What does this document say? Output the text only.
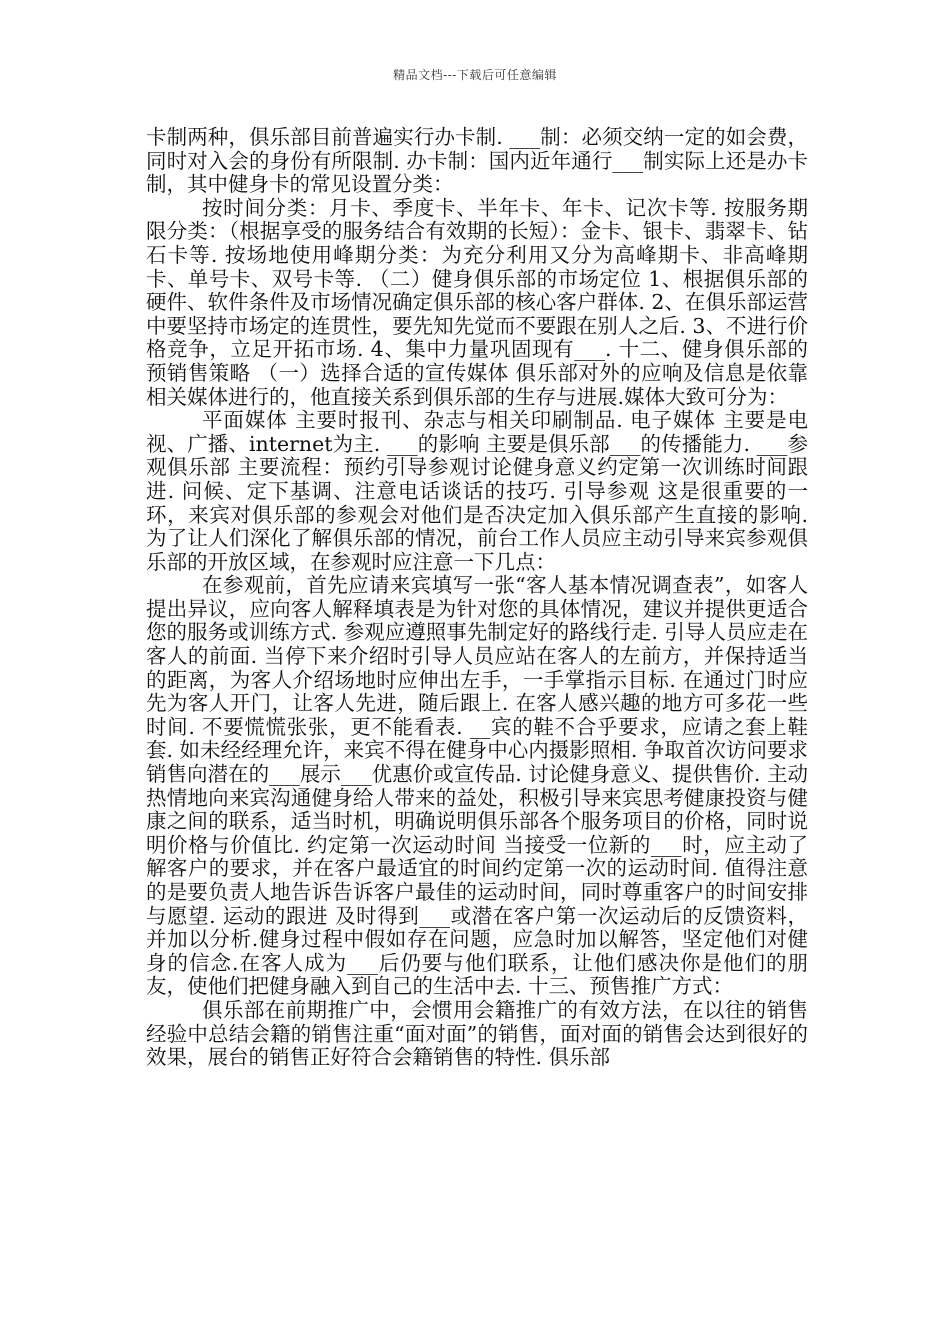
精品文档---下载后可任意编辑

卡制两种，俱乐部目前普遍实行办卡制. ___制：必须交纳一定的如会费，同时对入会的身份有所限制. 办卡制：国内近年通行___制实际上还是办卡制，其中健身卡的常见设置分类：

按时间分类：月卡、季度卡、半年卡、年卡、记次卡等. 按服务期限分类：（根据享受的服务结合有效期的长短）：金卡、银卡、翡翠卡、钻石卡等. 按场地使用峰期分类：为充分利用又分为高峰期卡、非高峰期卡、单号卡、双号卡等. （二）健身俱乐部的市场定位 1、根据俱乐部的硬件、软件条件及市场情况确定俱乐部的核心客户群体. 2、在俱乐部运营中要坚持市场定的连贯性，要先知先觉而不要跟在别人之后. 3、不进行价格竞争，立足开拓市场. 4、集中力量巩固现有___. 十二、健身俱乐部的预销售策略 （一）选择合适的宣传媒体 俱乐部对外的应响及信息是依靠相关媒体进行的，他直接关系到俱乐部的生存与进展.媒体大致可分为：

平面媒体 主要时报刊、杂志与相关印刷制品. 电子媒体 主要是电视、广播、internet为主. ___的影响 主要是俱乐部___的传播能力. ___参观俱乐部 主要流程：预约引导参观讨论健身意义约定第一次训练时间跟进. 问候、定下基调、注意电话谈话的技巧. 引导参观 这是很重要的一环，来宾对俱乐部的参观会对他们是否决定加入俱乐部产生直接的影响.为了让人们深化了解俱乐部的情况，前台工作人员应主动引导来宾参观俱乐部的开放区域，在参观时应注意一下几点：

在参观前，首先应请来宾填写一张“客人基本情况调查表”，如客人提出异议，应向客人解释填表是为针对您的具体情况，建议并提供更适合您的服务或训练方式. 参观应遵照事先制定好的路线行走. 引导人员应走在客人的前面. 当停下来介绍时引导人员应站在客人的左前方，并保持适当的距离，为客人介绍场地时应伸出左手，一手掌指示目标. 在通过门时应先为客人开门，让客人先进，随后跟上. 在客人感兴趣的地方可多花一些时间. 不要慌慌张张，更不能看表. __宾的鞋不合乎要求，应请之套上鞋套. 如未经经理允许，来宾不得在健身中心内摄影照相. 争取首次访问要求销售向潜在的___展示___优惠价或宣传品. 讨论健身意义、提供售价. 主动热情地向来宾沟通健身给人带来的益处，积极引导来宾思考健康投资与健康之间的联系，适当时机，明确说明俱乐部各个服务项目的价格，同时说明价格与价值比. 约定第一次运动时间 当接受一位新的___时，应主动了解客户的要求，并在客户最适宜的时间约定第一次的运动时间. 值得注意的是要负责人地告诉告诉客户最佳的运动时间，同时尊重客户的时间安排与愿望. 运动的跟进 及时得到___或潜在客户第一次运动后的反馈资料，并加以分析.健身过程中假如存在问题，应急时加以解答，坚定他们对健身的信念.在客人成为___后仍要与他们联系，让他们感决你是他们的朋友，使他们把健身融入到自己的生活中去. 十三、预售推广方式：

俱乐部在前期推广中，会惯用会籍推广的有效方法，在以往的销售经验中总结会籍的销售注重“面对面”的销售，面对面的销售会达到很好的效果，展台的销售正好符合会籍销售的特性. 俱乐部
